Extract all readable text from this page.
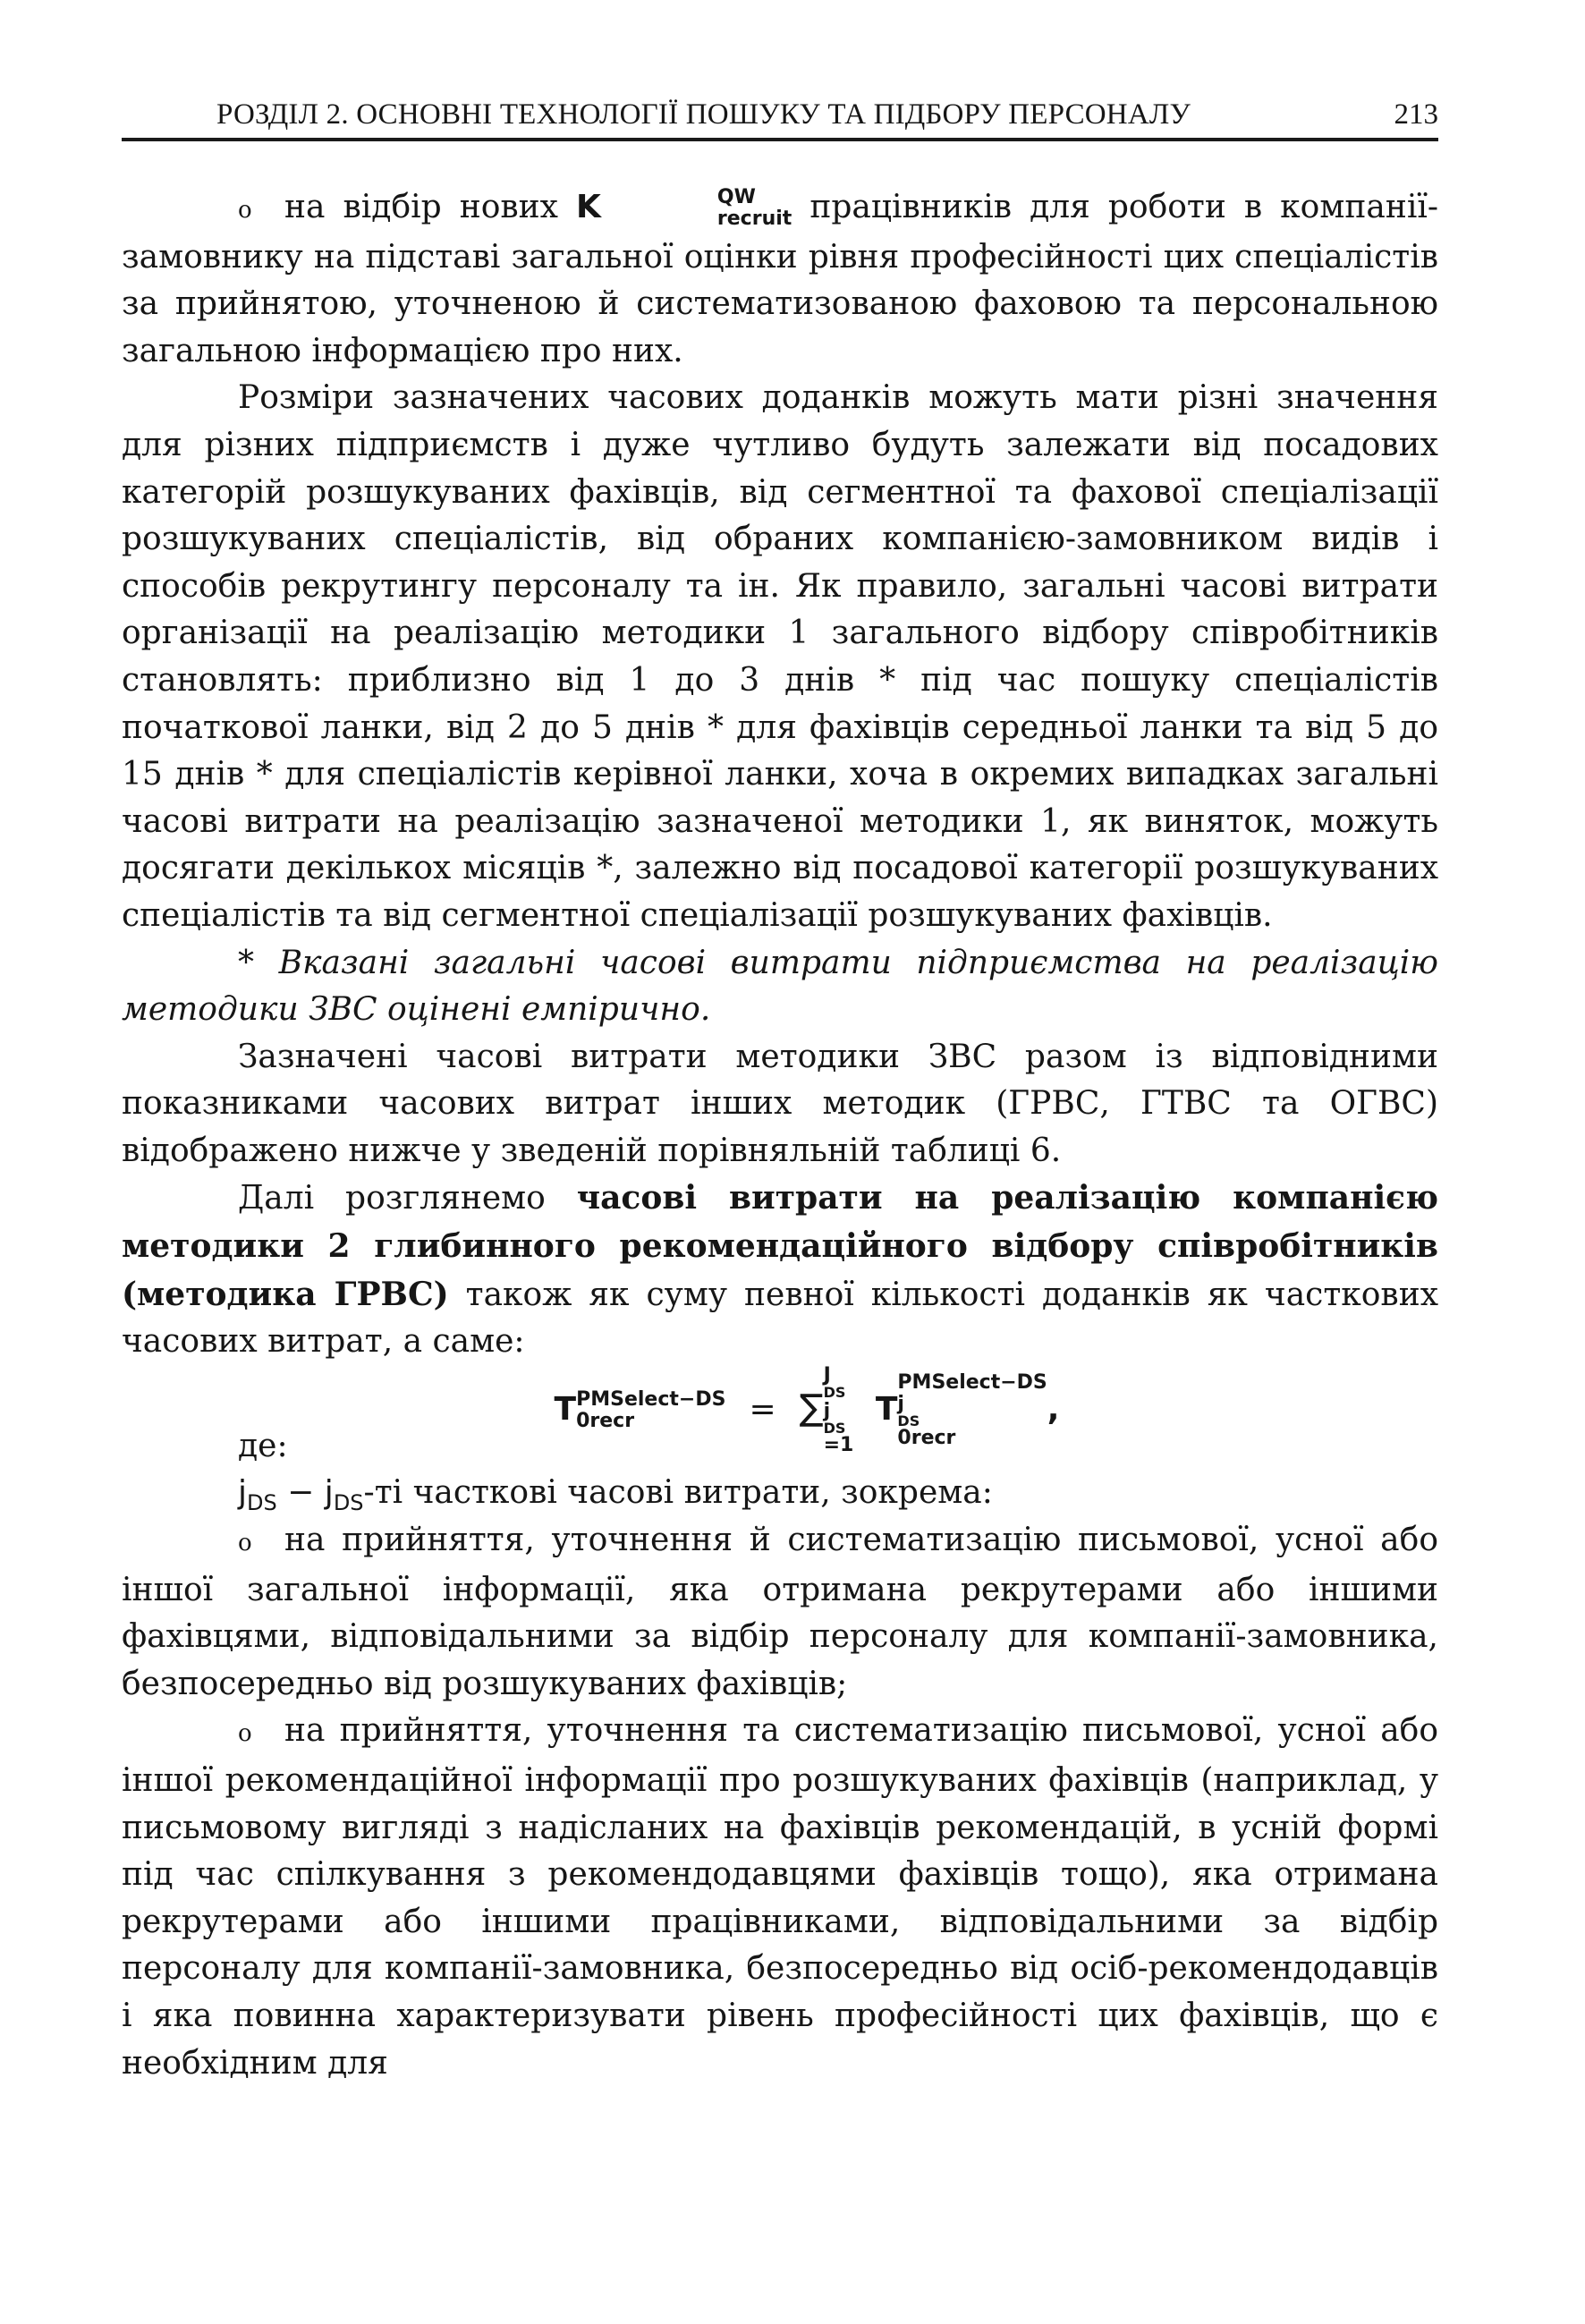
РОЗДІЛ 2. ОСНОВНІ ТЕХНОЛОГІЇ ПОШУКУ ТА ПІДБОРУ ПЕРСОНАЛУ	213

o на відбір нових K	QW
recruit працівників для роботи в компанії-замовнику на підставі загальної оцінки рівня професійності цих спеціалістів за прийнятою, уточненою й систематизованою фаховою та персональною загальною інформацією про них.

Розміри зазначених часових доданків можуть мати різні значення для різних підприємств і дуже чутливо будуть залежати від посадових категорій розшукуваних фахівців, від сегментної та фахової спеціалізації розшукуваних спеціалістів, від обраних компанією-замовником видів і способів рекрутингу персоналу та ін. Як правило, загальні часові витрати організації на реалізацію методики 1 загального відбору співробітників становлять: приблизно від 1 до 3 днів * під час пошуку спеціалістів початкової ланки, від 2 до 5 днів * для фахівців середньої ланки та від 5 до 15 днів * для спеціалістів керівної ланки, хоча в окремих випадках загальні часові витрати на реалізацію зазначеної методики 1, як виняток, можуть досягати декількох місяців *, залежно від посадової категорії розшукуваних спеціалістів та від сегментної спеціалізації розшукуваних фахівців.

* Вказані загальні часові витрати підприємства на реалізацію методики ЗВС оцінені емпірично.

Зазначені часові витрати методики ЗВС разом із відповідними показниками часових витрат інших методик (ГРВС, ГТВС та ОГВС) відображено нижче у зведеній порівняльній таблиці 6.

Далі розглянемо часові витрати на реалізацію компанією методики 2 глибинного рекомендаційного відбору співробітників (методика ГРВС) також як суму певної кількості доданків як часткових часових витрат, а саме:

T PMSelect−DS
0recr	= ∑
J
DS
j
DS
=1
T
PMSelect−DS
j
DS
0recr
,

де:

$j_{DS} - j_{DS}-ті$ часткові часові витрати, зокрема:

o на прийняття, уточнення й систематизацію письмової, усної або іншої загальної інформації, яка отримана рекрутерами або іншими фахівцями, відповідальними за відбір персоналу для компанії-замовника, безпосередньо від розшукуваних фахівців;

o на прийняття, уточнення та систематизацію письмової, усної або іншої рекомендаційної інформації про розшукуваних фахівців (наприклад, у письмовому вигляді з надісланих на фахівців рекомендацій, в усній формі під час спілкування з рекомендодавцями фахівців тощо), яка отримана рекрутерами або іншими працівниками, відповідальними за відбір персоналу для компанії-замовника, безпосередньо від осіб-рекомендодавців і яка повинна характеризувати рівень професійності цих фахівців, що є необхідним для
